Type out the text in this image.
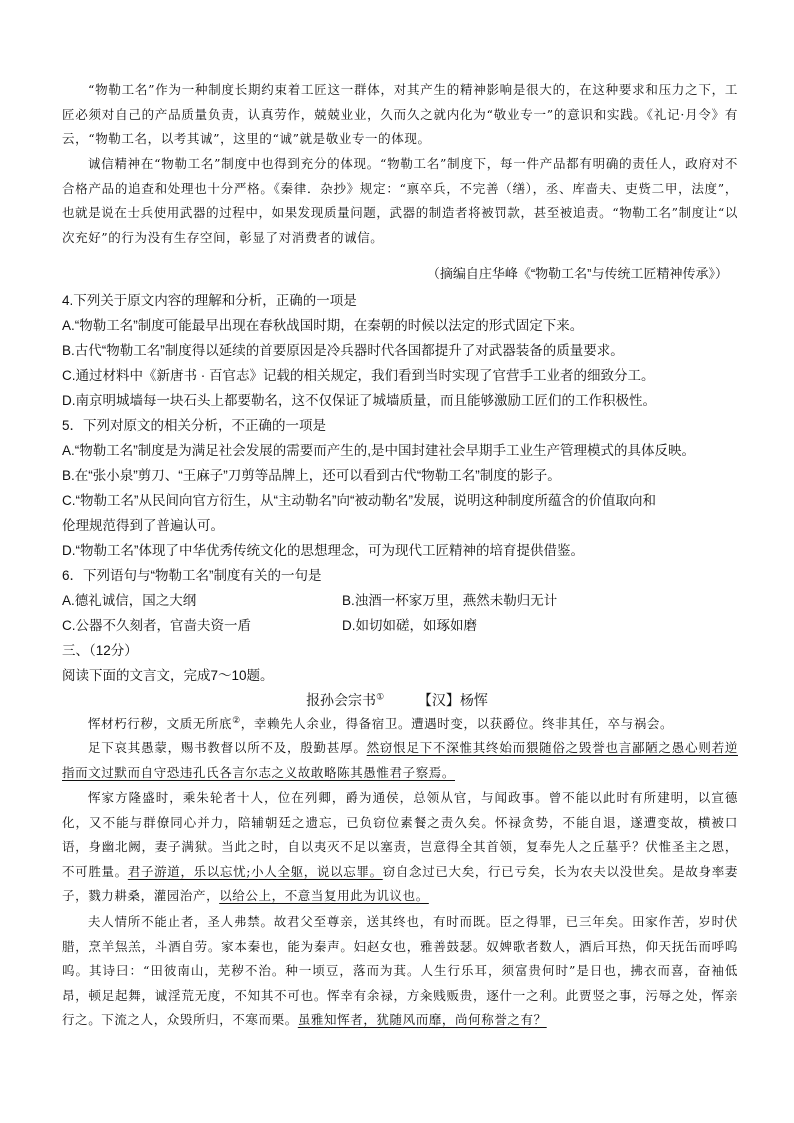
“物勒工名”作为一种制度长期约束着工匠这一群体，对其产生的精神影响是很大的，在这种要求和压力之下，工匠必须对自己的产品质量负责，认真劳作，兢兢业业，久而久之就内化为“敬业专一”的意识和实践。《礼记·月令》有云，“物勒工名，以考其诚”，这里的“诚”就是敬业专一的体现。

诚信精神在“物勒工名”制度中也得到充分的体现。“物勒工名”制度下，每一件产品都有明确的责任人，政府对不合格产品的追查和处理也十分严格。《秦律．杂抄》规定：“禀卒兵，不完善（缮），丞、库啬夫、吏赀二甲，法度”，也就是说在士兵使用武器的过程中，如果发现质量问题，武器的制造者将被罚款，甚至被追责。“物勒工名”制度让“以次充好”的行为没有生存空间，彰显了对消费者的诚信。

（摘编自庄华峰《“物勒工名”与传统工匠精神传承》）
4.下列关于原文内容的理解和分析，正确的一项是
A.“物勒工名”制度可能最早出现在春秋战国时期，在秦朝的时候以法定的形式固定下来。
B.古代“物勒工名”制度得以延续的首要原因是冷兵器时代各国都提升了对武器装备的质量要求。
C.通过材料中《新唐书 · 百官志》记载的相关规定，我们看到当时实现了官营手工业者的细致分工。
D.南京明城墙每一块石头上都要勒名，这不仅保证了城墙质量，而且能够激励工匠们的工作积极性。
5．下列对原文的相关分析，不正确的一项是
A.“物勒工名”制度是为满足社会发展的需要而产生的,是中国封建社会早期手工业生产管理模式的具体反映。
B.在“张小泉”剪刀、“王麻子”刀剪等品牌上，还可以看到古代“物勒工名”制度的影子。
C.“物勒工名”从民间向官方衍生，从“主动勒名”向“被动勒名”发展，说明这种制度所蕴含的价值取向和
伦理规范得到了普遍认可。
D.“物勒工名”体现了中华优秀传统文化的思想理念，可为现代工匠精神的培育提供借鉴。
6．下列语句与“物勒工名”制度有关的一句是
A.德礼诚信，国之大纲	B.浊酒一杯家万里，燕然未勒归无计
C.公器不久刻者，官啬夫资一盾	D.如切如磋，如琢如磨
三、（12分）
阅读下面的文言文，完成7～10题。
报孙会宗书① 【汉】杨恽

恽材朽行秽，文质无所底②，幸赖先人余业，得备宿卫。遭遇时变，以获爵位。终非其任，卒与祸会。

足下哀其愚蒙，赐书教督以所不及，殷勤甚厚。然窃恨足下不深惟其终始而猥随俗之毁誉也言鄙陋之愚心则若逆指而文过默而自守恐违孔氏各言尔志之义故敢略陈其愚惟君子察焉。

恽家方隆盛时，乘朱轮者十人，位在列卿，爵为通侯，总领从官，与闻政事。曾不能以此时有所建明，以宣德化，又不能与群僚同心并力，陪辅朝廷之遗忘，已负窃位素餐之责久矣。怀禄贪势，不能自退，遂遭变故，横被口语，身幽北阙，妻子满狱。当此之时，自以夷灭不足以塞责，岂意得全其首领，复奉先人之丘墓乎？伏惟圣主之恩，不可胜量。君子游道，乐以忘忧;小人全躯，说以忘罪。窃自念过已大矣，行已亏矣，长为农夫以没世矣。是故身率妻子，戮力耕桑，灌园治产，以给公上，不意当复用此为讥议也。

夫人情所不能止者，圣人弗禁。故君父至尊亲，送其终也，有时而既。臣之得罪，已三年矣。田家作苦，岁时伏腊，烹羊炰羔，斗酒自劳。家本秦也，能为秦声。妇赵女也，雅善鼓瑟。奴婢歌者数人，酒后耳热，仰天抚缶而呼呜呜。其诗曰：“田彼南山，芜秽不治。种一顷豆，落而为萁。人生行乐耳，须富贵何时”是日也，拂衣而喜，奋袖低昂，顿足起舞，诚淫荒无度，不知其不可也。恽幸有余禄，方籴贱贩贵，逐什一之利。此贾竖之事，污辱之处，恽亲行之。下流之人，众毁所归，不寒而栗。虽雅知恽者，犹随风而靡，尚何称誉之有？
